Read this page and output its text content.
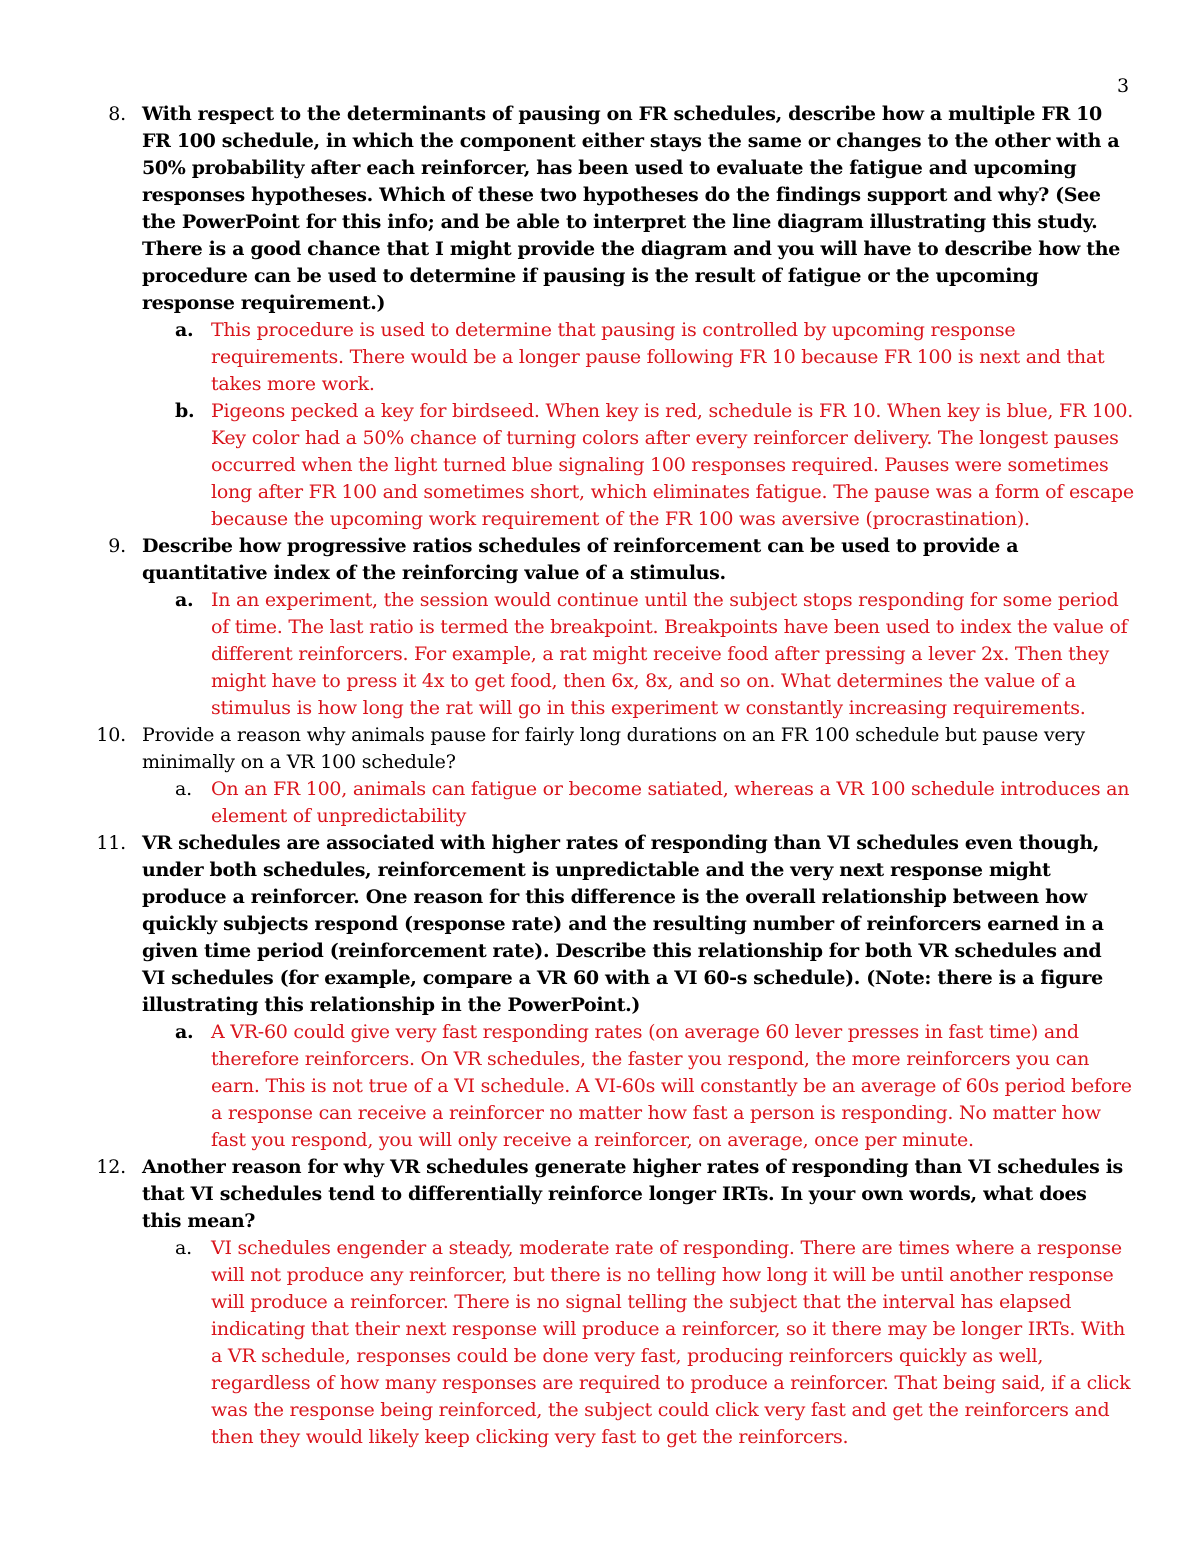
3
8. With respect to the determinants of pausing on FR schedules, describe how a multiple FR 10 FR 100 schedule, in which the component either stays the same or changes to the other with a 50% probability after each reinforcer, has been used to evaluate the fatigue and upcoming responses hypotheses. Which of these two hypotheses do the findings support and why? (See the PowerPoint for this info; and be able to interpret the line diagram illustrating this study. There is a good chance that I might provide the diagram and you will have to describe how the procedure can be used to determine if pausing is the result of fatigue or the upcoming response requirement.)
a. This procedure is used to determine that pausing is controlled by upcoming response requirements. There would be a longer pause following FR 10 because FR 100 is next and that takes more work.
b. Pigeons pecked a key for birdseed. When key is red, schedule is FR 10. When key is blue, FR 100. Key color had a 50% chance of turning colors after every reinforcer delivery. The longest pauses occurred when the light turned blue signaling 100 responses required. Pauses were sometimes long after FR 100 and sometimes short, which eliminates fatigue. The pause was a form of escape because the upcoming work requirement of the FR 100 was aversive (procrastination).
9. Describe how progressive ratios schedules of reinforcement can be used to provide a quantitative index of the reinforcing value of a stimulus.
a. In an experiment, the session would continue until the subject stops responding for some period of time. The last ratio is termed the breakpoint. Breakpoints have been used to index the value of different reinforcers. For example, a rat might receive food after pressing a lever 2x. Then they might have to press it 4x to get food, then 6x, 8x, and so on. What determines the value of a stimulus is how long the rat will go in this experiment w constantly increasing requirements.
10. Provide a reason why animals pause for fairly long durations on an FR 100 schedule but pause very minimally on a VR 100 schedule?
a. On an FR 100, animals can fatigue or become satiated, whereas a VR 100 schedule introduces an element of unpredictability
11. VR schedules are associated with higher rates of responding than VI schedules even though, under both schedules, reinforcement is unpredictable and the very next response might produce a reinforcer. One reason for this difference is the overall relationship between how quickly subjects respond (response rate) and the resulting number of reinforcers earned in a given time period (reinforcement rate). Describe this relationship for both VR schedules and VI schedules (for example, compare a VR 60 with a VI 60-s schedule). (Note: there is a figure illustrating this relationship in the PowerPoint.)
a. A VR-60 could give very fast responding rates (on average 60 lever presses in fast time) and therefore reinforcers. On VR schedules, the faster you respond, the more reinforcers you can earn. This is not true of a VI schedule. A VI-60s will constantly be an average of 60s period before a response can receive a reinforcer no matter how fast a person is responding. No matter how fast you respond, you will only receive a reinforcer, on average, once per minute.
12. Another reason for why VR schedules generate higher rates of responding than VI schedules is that VI schedules tend to differentially reinforce longer IRTs. In your own words, what does this mean?
a. VI schedules engender a steady, moderate rate of responding. There are times where a response will not produce any reinforcer, but there is no telling how long it will be until another response will produce a reinforcer. There is no signal telling the subject that the interval has elapsed indicating that their next response will produce a reinforcer, so it there may be longer IRTs. With a VR schedule, responses could be done very fast, producing reinforcers quickly as well, regardless of how many responses are required to produce a reinforcer. That being said, if a click was the response being reinforced, the subject could click very fast and get the reinforcers and then they would likely keep clicking very fast to get the reinforcers.
